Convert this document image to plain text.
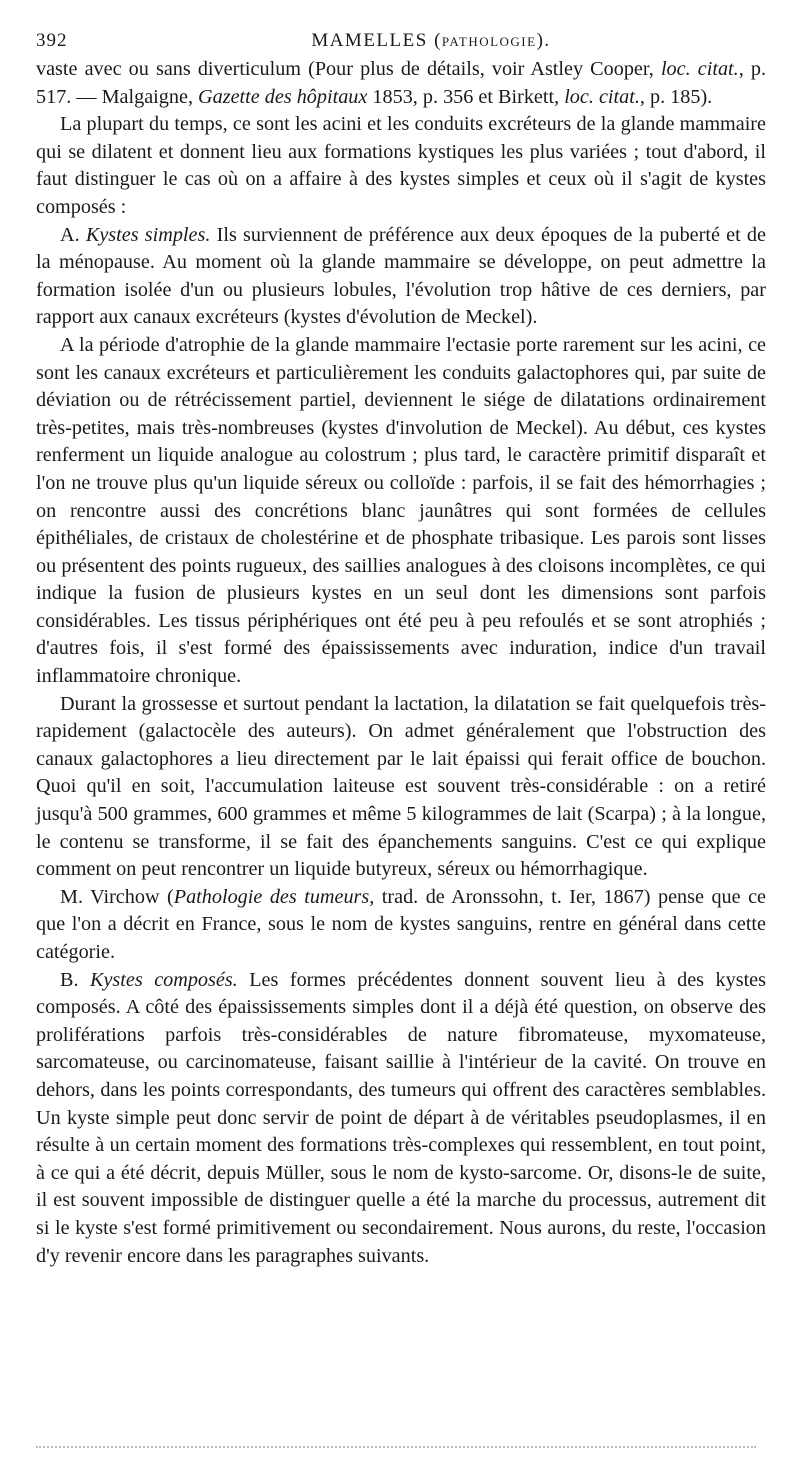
392	MAMELLES (PATHOLOGIE).

vaste avec ou sans diverticulum (Pour plus de détails, voir Astley Cooper, loc. citat., p. 517. — Malgaigne, Gazette des hôpitaux 1853, p. 356 et Birkett, loc. citat., p. 185).

La plupart du temps, ce sont les acini et les conduits excréteurs de la glande mammaire qui se dilatent et donnent lieu aux formations kystiques les plus variées ; tout d'abord, il faut distinguer le cas où on a affaire à des kystes simples et ceux où il s'agit de kystes composés :

A. Kystes simples. Ils surviennent de préférence aux deux époques de la puberté et de la ménopause. Au moment où la glande mammaire se développe, on peut admettre la formation isolée d'un ou plusieurs lobules, l'évolution trop hâtive de ces derniers, par rapport aux canaux excréteurs (kystes d'évolution de Meckel).

A la période d'atrophie de la glande mammaire l'ectasie porte rarement sur les acini, ce sont les canaux excréteurs et particulièrement les conduits galactophores qui, par suite de déviation ou de rétrécissement partiel, deviennent le siége de dilatations ordinairement très-petites, mais très-nombreuses (kystes d'involution de Meckel). Au début, ces kystes renferment un liquide analogue au colostrum ; plus tard, le caractère primitif disparaît et l'on ne trouve plus qu'un liquide séreux ou colloïde : parfois, il se fait des hémorrhagies ; on rencontre aussi des concrétions blanc jaunâtres qui sont formées de cellules épithéliales, de cristaux de cholestérine et de phosphate tribasique. Les parois sont lisses ou présentent des points rugueux, des saillies analogues à des cloisons incomplètes, ce qui indique la fusion de plusieurs kystes en un seul dont les dimensions sont parfois considérables. Les tissus périphériques ont été peu à peu refoulés et se sont atrophiés ; d'autres fois, il s'est formé des épaississements avec induration, indice d'un travail inflammatoire chronique.

Durant la grossesse et surtout pendant la lactation, la dilatation se fait quelquefois très-rapidement (galactocèle des auteurs). On admet généralement que l'obstruction des canaux galactophores a lieu directement par le lait épaissi qui ferait office de bouchon. Quoi qu'il en soit, l'accumulation laiteuse est souvent très-considérable : on a retiré jusqu'à 500 grammes, 600 grammes et même 5 kilogrammes de lait (Scarpa) ; à la longue, le contenu se transforme, il se fait des épanchements sanguins. C'est ce qui explique comment on peut rencontrer un liquide butyreux, séreux ou hémorrhagique.

M. Virchow (Pathologie des tumeurs, trad. de Aronssohn, t. Ier, 1867) pense que ce que l'on a décrit en France, sous le nom de kystes sanguins, rentre en général dans cette catégorie.

B. Kystes composés. Les formes précédentes donnent souvent lieu à des kystes composés. A côté des épaississements simples dont il a déjà été question, on observe des proliférations parfois très-considérables de nature fibromateuse, myxomateuse, sarcomateuse, ou carcinomateuse, faisant saillie à l'intérieur de la cavité. On trouve en dehors, dans les points correspondants, des tumeurs qui offrent des caractères semblables. Un kyste simple peut donc servir de point de départ à de véritables pseudoplasmes, il en résulte à un certain moment des formations très-complexes qui ressemblent, en tout point, à ce qui a été décrit, depuis Müller, sous le nom de kysto-sarcome. Or, disons-le de suite, il est souvent impossible de distinguer quelle a été la marche du processus, autrement dit si le kyste s'est formé primitivement ou secondairement. Nous aurons, du reste, l'occasion d'y revenir encore dans les paragraphes suivants.
